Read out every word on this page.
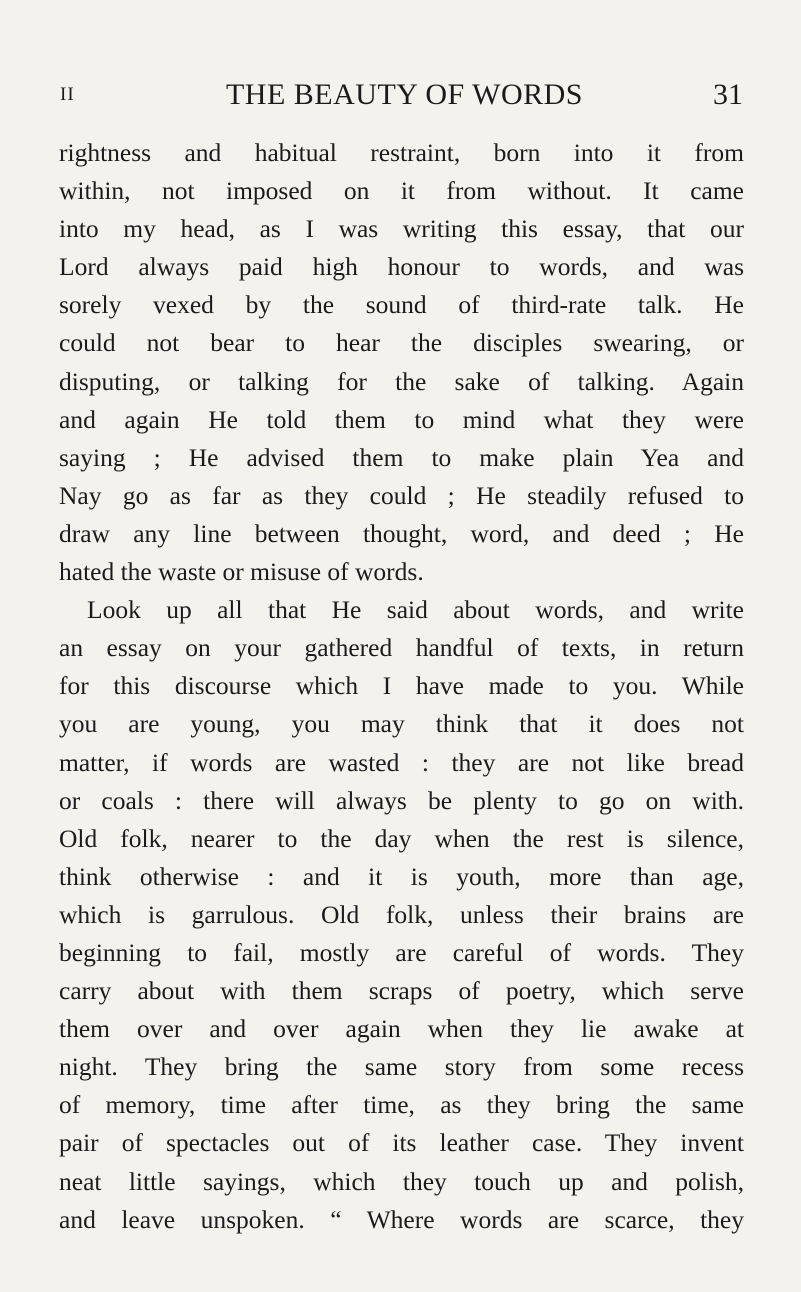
II	THE BEAUTY OF WORDS	31
rightness and habitual restraint, born into it from
within, not imposed on it from without. It came
into my head, as I was writing this essay, that our
Lord always paid high honour to words, and was
sorely vexed by the sound of third-rate talk. He
could not bear to hear the disciples swearing, or
disputing, or talking for the sake of talking. Again
and again He told them to mind what they were
saying ; He advised them to make plain Yea and
Nay go as far as they could ; He steadily refused to
draw any line between thought, word, and deed ; He
hated the waste or misuse of words.
Look up all that He said about words, and write
an essay on your gathered handful of texts, in return
for this discourse which I have made to you. While
you are young, you may think that it does not
matter, if words are wasted : they are not like bread
or coals : there will always be plenty to go on with.
Old folk, nearer to the day when the rest is silence,
think otherwise : and it is youth, more than age,
which is garrulous. Old folk, unless their brains are
beginning to fail, mostly are careful of words. They
carry about with them scraps of poetry, which serve
them over and over again when they lie awake at
night. They bring the same story from some recess
of memory, time after time, as they bring the same
pair of spectacles out of its leather case. They invent
neat little sayings, which they touch up and polish,
and leave unspoken. “ Where words are scarce, they
